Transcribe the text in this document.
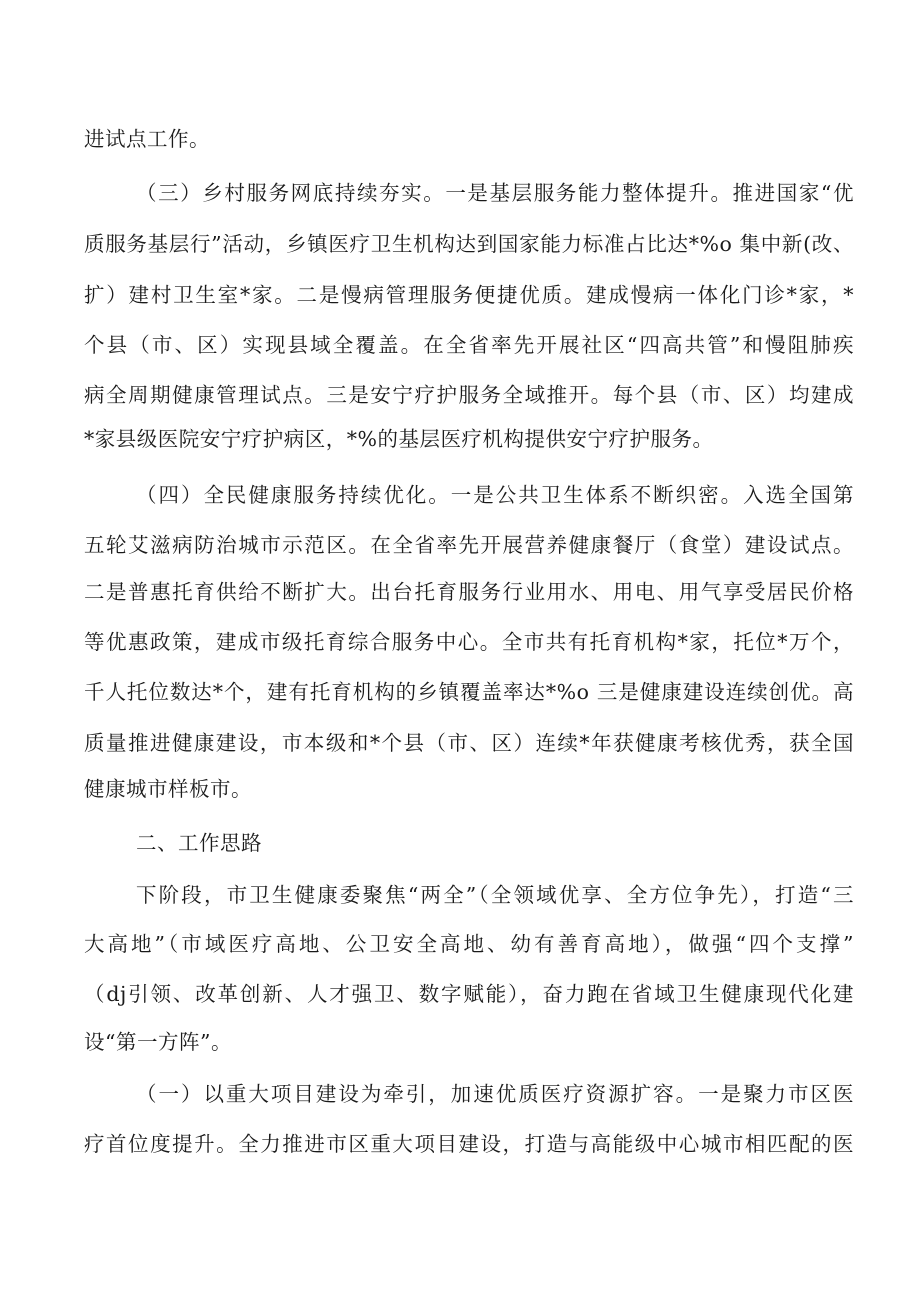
进试点工作。
（三）乡村服务网底持续夯实。一是基层服务能力整体提升。推进国家“优
质服务基层行”活动，乡镇医疗卫生机构达到国家能力标准占比达*%o 集中新(改、
扩）建村卫生室*家。二是慢病管理服务便捷优质。建成慢病一体化门诊*家，*
个县（市、区）实现县域全覆盖。在全省率先开展社区“四高共管”和慢阻肺疾
病全周期健康管理试点。三是安宁疗护服务全域推开。每个县（市、区）均建成
*家县级医院安宁疗护病区，*%的基层医疗机构提供安宁疗护服务。
（四）全民健康服务持续优化。一是公共卫生体系不断织密。入选全国第
五轮艾滋病防治城市示范区。在全省率先开展营养健康餐厅（食堂）建设试点。
二是普惠托育供给不断扩大。出台托育服务行业用水、用电、用气享受居民价格
等优惠政策，建成市级托育综合服务中心。全市共有托育机构*家，托位*万个，
千人托位数达*个，建有托育机构的乡镇覆盖率达*%o 三是健康建设连续创优。高
质量推进健康建设，市本级和*个县（市、区）连续*年获健康考核优秀，获全国
健康城市样板市。
二、工作思路
下阶段，市卫生健康委聚焦“两全”（全领域优享、全方位争先），打造“三
大高地”（市域医疗高地、公卫安全高地、幼有善育高地），做强“四个支撑”
（dj引领、改革创新、人才强卫、数字赋能），奋力跑在省域卫生健康现代化建
设“第一方阵”。
（一）以重大项目建设为牵引，加速优质医疗资源扩容。一是聚力市区医
疗首位度提升。全力推进市区重大项目建设，打造与高能级中心城市相匹配的医
